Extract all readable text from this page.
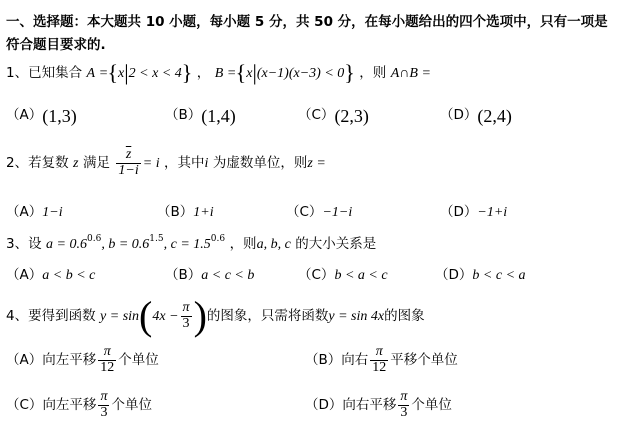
一、选择题：本大题共 10 小题，每小题 5 分，共 50 分，在每小题给出的四个选项中，只有一项是
符合题目要求的.
1、已知集合 A ={x|2 < x < 4} ， B ={x|(x−1)(x−3) < 0} ，则 A∩B =
（A）(1,3)	（B）(1,4)	（C）(2,3)	（D）(2,4)
2、若复数 z 满足 $\frac{\overline{z}}{1-i} = i$ ，其中i 为虚数单位，则z =
（A）1−i	（B）1+i	（C）−1−i	（D）−1+i
3、设 $a = 0.6^{0.6}$, $b = 0.6^{1.5}$, $c = 1.5^{0.6}$ ，则a, b, c 的大小关系是
（A）a < b < c	（B）a < c < b	（C）b < a < c	（D）b < c < a
4、要得到函数 $y = \sin(4x - \frac{\pi}{3}$ )的图象，只需将函数y = sin 4x的图象
（A）向左平移 $\frac{\pi}{12}$ 个单位	（B）向右 $\frac{\pi}{12}$ 平移个单位
（C）向左平移 $\frac{\pi}{3}$ 个单位	（D）向右平移 $\frac{\pi}{3}$ 个单位
